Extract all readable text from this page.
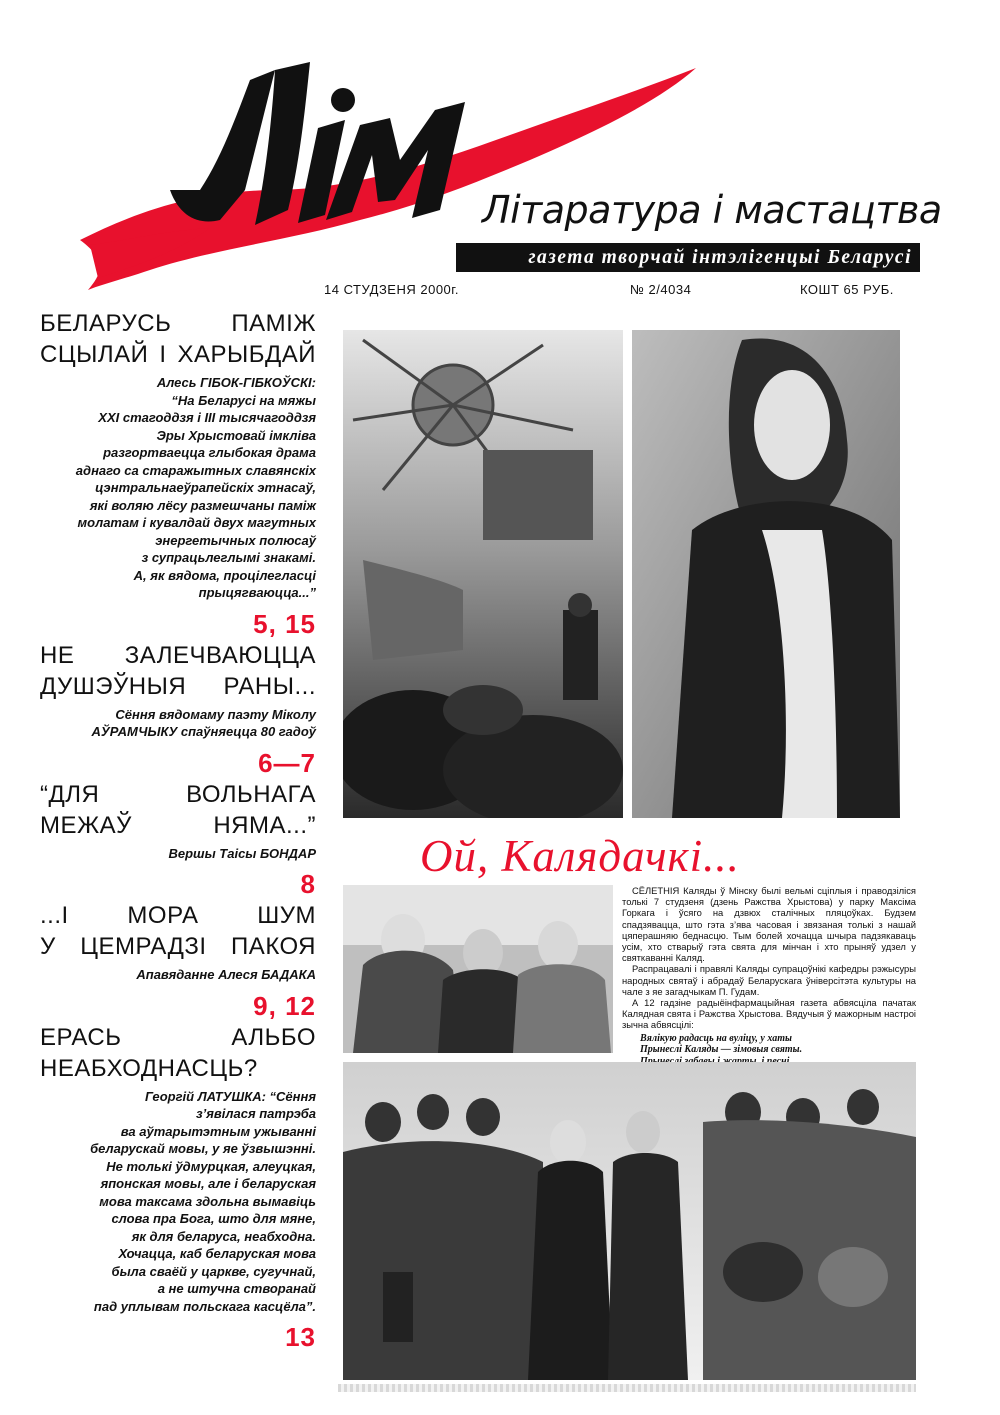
Літаратура і мастацтва
газета творчай інтэлігенцыі Беларусі
14 СТУДЗЕНЯ 2000г.	№ 2/4034	КОШТ 65 РУБ.
БЕЛАРУСЬ ПАМІЖ
СЦЫЛАЙ І ХАРЫБДАЙ
Алесь ГІБОК-ГІБКОЎСКІ:
“На Беларусі на мяжы
XXI стагоддзя і III тысячагоддзя
Эры Хрыстовай імкліва
разгортваецца глыбокая драма
аднаго са старажытных славянскіх
цэнтральнаеўрапейскіх этнасаў,
які воляю лёсу размешчаны паміж
молатам і кувалдай двух магутных
энергетычных полюсаў
з супрацьлеглымі знакамі.
А, як вядома, процілегласці
прыцягваюцца...”
5, 15
НЕ ЗАЛЕЧВАЮЦЦА
ДУШЭЎНЫЯ РАНЫ...
Сёння вядомаму паэту Міколу
АЎРАМЧЫКУ спаўняецца 80 гадоў
6—7
“ДЛЯ ВОЛЬНАГА
МЕЖАЎ НЯМА...”
Вершы Таісы БОНДАР
8
...І МОРА ШУМ
У ЦЕМРАДЗІ ПАКОЯ
Апавяданне Алеся БАДАКА
9, 12
ЕРАСЬ АЛЬБО
НЕАБХОДНАСЦЬ?
Георгій ЛАТУШКА: “Сёння
з’явілася патрэба
ва аўтарытэтным ужыванні
беларускай мовы, у яе ўзвышэнні.
Не толькі ўдмурцкая, алеуцкая,
японская мовы, але і беларуская
мова таксама здольна вымавіць
слова пра Бога, што для мяне,
як для беларуса, неабходна.
Хочацца, каб беларуская мова
была сваёй у царкве, сугучнай,
а не штучна створанай
пад уплывам польскага касцёла”.
13
Ой, Калядачкі...

СЁЛЕТНІЯ Каляды ў Мінску былі вельмі сціплыя і праводзіліся толькі 7 студзеня (дзень Ражства Хрыстова) у парку Максіма Горкага і ўсяго на дзвюх сталічных пляцоўках. Будзем спадзявацца, што гэта з’ява часовая і звязаная толькі з нашай цяперашняю беднасцю. Тым болей хочацца шчыра падзякаваць усім, хто стварыў гэта свята для мінчан і хто прыняў удзел у святкаванні Каляд.

Распрацавалі і правялі Каляды супрацоўнікі кафедры рэжысуры народных святаў і абрадаў Беларускага ўніверсітэта культуры на чале з яе загадчыкам П. Гудам.

А 12 гадзіне радыёінфармацыйная газета абвясціла пачатак Калядная свята і Ражства Хрыстова. Вядучыя ў мажорным настроі зычна абвясцілі:

Вялікую радасць на вуліцу, у хаты
Прынеслі Каляды — зімовыя святы.
